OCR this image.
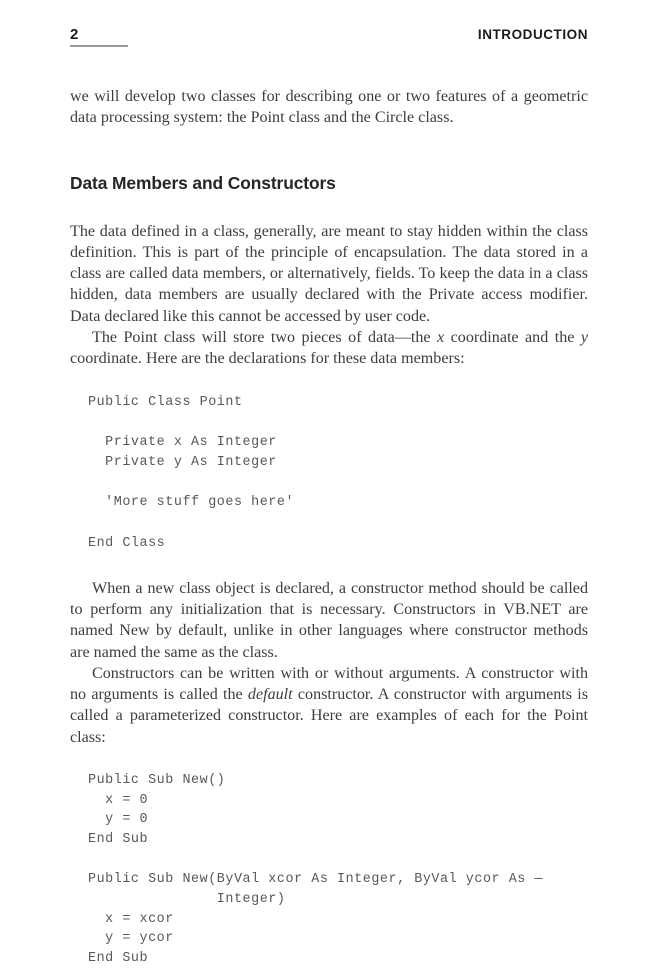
2	INTRODUCTION

we will develop two classes for describing one or two features of a geometric data processing system: the Point class and the Circle class.

Data Members and Constructors

The data defined in a class, generally, are meant to stay hidden within the class definition. This is part of the principle of encapsulation. The data stored in a class are called data members, or alternatively, fields. To keep the data in a class hidden, data members are usually declared with the Private access modifier. Data declared like this cannot be accessed by user code.

The Point class will store two pieces of data—the x coordinate and the y coordinate. Here are the declarations for these data members:

Public Class Point
Private x As Integer
Private y As Integer
'More stuff goes here'
End Class

When a new class object is declared, a constructor method should be called to perform any initialization that is necessary. Constructors in VB.NET are named New by default, unlike in other languages where constructor methods are named the same as the class.

Constructors can be written with or without arguments. A constructor with no arguments is called the default constructor. A constructor with arguments is called a parameterized constructor. Here are examples of each for the Point class:

Public Sub New()
x = 0
y = 0
End Sub
Public Sub New(ByVal xcor As Integer, ByVal ycor As —
Integer)
x = xcor
y = ycor
End Sub
